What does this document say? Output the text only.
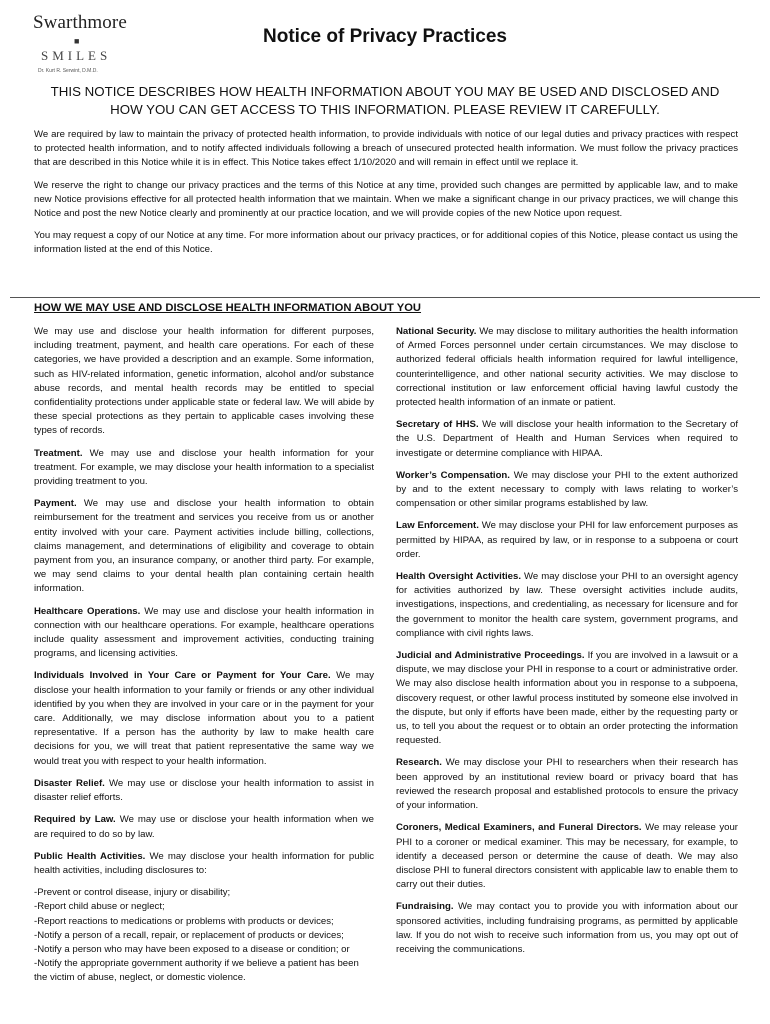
Swarthmore
■
SMILES
Dr. Kurt R. Serwint, D.M.D.
Notice of Privacy Practices
THIS NOTICE DESCRIBES HOW HEALTH INFORMATION ABOUT YOU MAY BE USED AND DISCLOSED AND HOW YOU CAN GET ACCESS TO THIS INFORMATION. PLEASE REVIEW IT CAREFULLY.

We are required by law to maintain the privacy of protected health information, to provide individuals with notice of our legal duties and privacy practices with respect to protected health information, and to notify affected individuals following a breach of unsecured protected health information. We must follow the privacy practices that are described in this Notice while it is in effect. This Notice takes effect 1/10/2020 and will remain in effect until we replace it.

We reserve the right to change our privacy practices and the terms of this Notice at any time, provided such changes are permitted by applicable law, and to make new Notice provisions effective for all protected health information that we maintain. When we make a significant change in our privacy practices, we will change this Notice and post the new Notice clearly and prominently at our practice location, and we will provide copies of the new Notice upon request.

You may request a copy of our Notice at any time. For more information about our privacy practices, or for additional copies of this Notice, please contact us using the information listed at the end of this Notice.

HOW WE MAY USE AND DISCLOSE HEALTH INFORMATION ABOUT YOU

We may use and disclose your health information for different purposes, including treatment, payment, and health care operations. For each of these categories, we have provided a description and an example. Some information, such as HIV-related information, genetic information, alcohol and/or substance abuse records, and mental health records may be entitled to special confidentiality protections under applicable state or federal law. We will abide by these special protections as they pertain to applicable cases involving these types of records.

Treatment. We may use and disclose your health information for your treatment. For example, we may disclose your health information to a specialist providing treatment to you.

Payment. We may use and disclose your health information to obtain reimbursement for the treatment and services you receive from us or another entity involved with your care. Payment activities include billing, collections, claims management, and determinations of eligibility and coverage to obtain payment from you, an insurance company, or another third party. For example, we may send claims to your dental health plan containing certain health information.

Healthcare Operations. We may use and disclose your health information in connection with our healthcare operations. For example, healthcare operations include quality assessment and improvement activities, conducting training programs, and licensing activities.

Individuals Involved in Your Care or Payment for Your Care. We may disclose your health information to your family or friends or any other individual identified by you when they are involved in your care or in the payment for your care. Additionally, we may disclose information about you to a patient representative. If a person has the authority by law to make health care decisions for you, we will treat that patient representative the same way we would treat you with respect to your health information.

Disaster Relief. We may use or disclose your health information to assist in disaster relief efforts.

Required by Law. We may use or disclose your health information when we are required to do so by law.

Public Health Activities. We may disclose your health information for public health activities, including disclosures to:

-Prevent or control disease, injury or disability;
-Report child abuse or neglect;
-Report reactions to medications or problems with products or devices;
-Notify a person of a recall, repair, or replacement of products or devices;
-Notify a person who may have been exposed to a disease or condition; or
-Notify the appropriate government authority if we believe a patient has been the victim of abuse, neglect, or domestic violence.

National Security. We may disclose to military authorities the health information of Armed Forces personnel under certain circumstances. We may disclose to authorized federal officials health information required for lawful intelligence, counterintelligence, and other national security activities. We may disclose to correctional institution or law enforcement official having lawful custody the protected health information of an inmate or patient.

Secretary of HHS. We will disclose your health information to the Secretary of the U.S. Department of Health and Human Services when required to investigate or determine compliance with HIPAA.

Worker’s Compensation. We may disclose your PHI to the extent authorized by and to the extent necessary to comply with laws relating to worker’s compensation or other similar programs established by law.

Law Enforcement. We may disclose your PHI for law enforcement purposes as permitted by HIPAA, as required by law, or in response to a subpoena or court order.

Health Oversight Activities. We may disclose your PHI to an oversight agency for activities authorized by law. These oversight activities include audits, investigations, inspections, and credentialing, as necessary for licensure and for the government to monitor the health care system, government programs, and compliance with civil rights laws.

Judicial and Administrative Proceedings. If you are involved in a lawsuit or a dispute, we may disclose your PHI in response to a court or administrative order. We may also disclose health information about you in response to a subpoena, discovery request, or other lawful process instituted by someone else involved in the dispute, but only if efforts have been made, either by the requesting party or us, to tell you about the request or to obtain an order protecting the information requested.

Research. We may disclose your PHI to researchers when their research has been approved by an institutional review board or privacy board that has reviewed the research proposal and established protocols to ensure the privacy of your information.

Coroners, Medical Examiners, and Funeral Directors. We may release your PHI to a coroner or medical examiner. This may be necessary, for example, to identify a deceased person or determine the cause of death. We may also disclose PHI to funeral directors consistent with applicable law to enable them to carry out their duties.

Fundraising. We may contact you to provide you with information about our sponsored activities, including fundraising programs, as permitted by applicable law. If you do not wish to receive such information from us, you may opt out of receiving the communications.
